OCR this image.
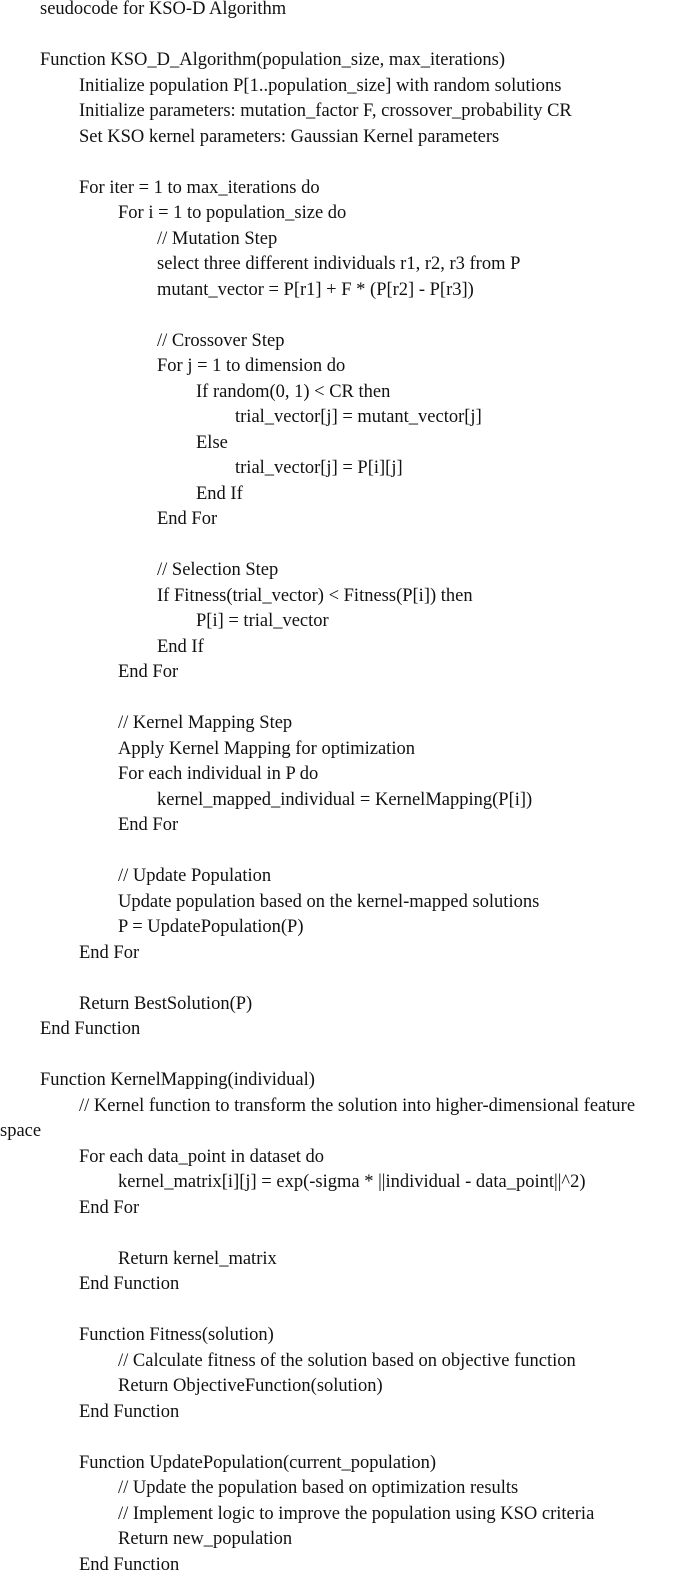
seudocode for KSO-D Algorithm
Function KSO_D_Algorithm(population_size, max_iterations)
Initialize population P[1..population_size] with random solutions
Initialize parameters: mutation_factor F, crossover_probability CR
Set KSO kernel parameters: Gaussian Kernel parameters
For iter = 1 to max_iterations do
For i = 1 to population_size do
// Mutation Step
select three different individuals r1, r2, r3 from P
mutant_vector = P[r1] + F * (P[r2] - P[r3])
// Crossover Step
For j = 1 to dimension do
If random(0, 1) < CR then
trial_vector[j] = mutant_vector[j]
Else
trial_vector[j] = P[i][j]
End If
End For
// Selection Step
If Fitness(trial_vector) < Fitness(P[i]) then
P[i] = trial_vector
End If
End For
// Kernel Mapping Step
Apply Kernel Mapping for optimization
For each individual in P do
kernel_mapped_individual = KernelMapping(P[i])
End For
// Update Population
Update population based on the kernel-mapped solutions
P = UpdatePopulation(P)
End For
Return BestSolution(P)
End Function
Function KernelMapping(individual)
// Kernel function to transform the solution into higher-dimensional feature
space
For each data_point in dataset do
kernel_matrix[i][j] = exp(-sigma * ||individual - data_point||^2)
End For
Return kernel_matrix
End Function
Function Fitness(solution)
// Calculate fitness of the solution based on objective function
Return ObjectiveFunction(solution)
End Function
Function UpdatePopulation(current_population)
// Update the population based on optimization results
// Implement logic to improve the population using KSO criteria
Return new_population
End Function
